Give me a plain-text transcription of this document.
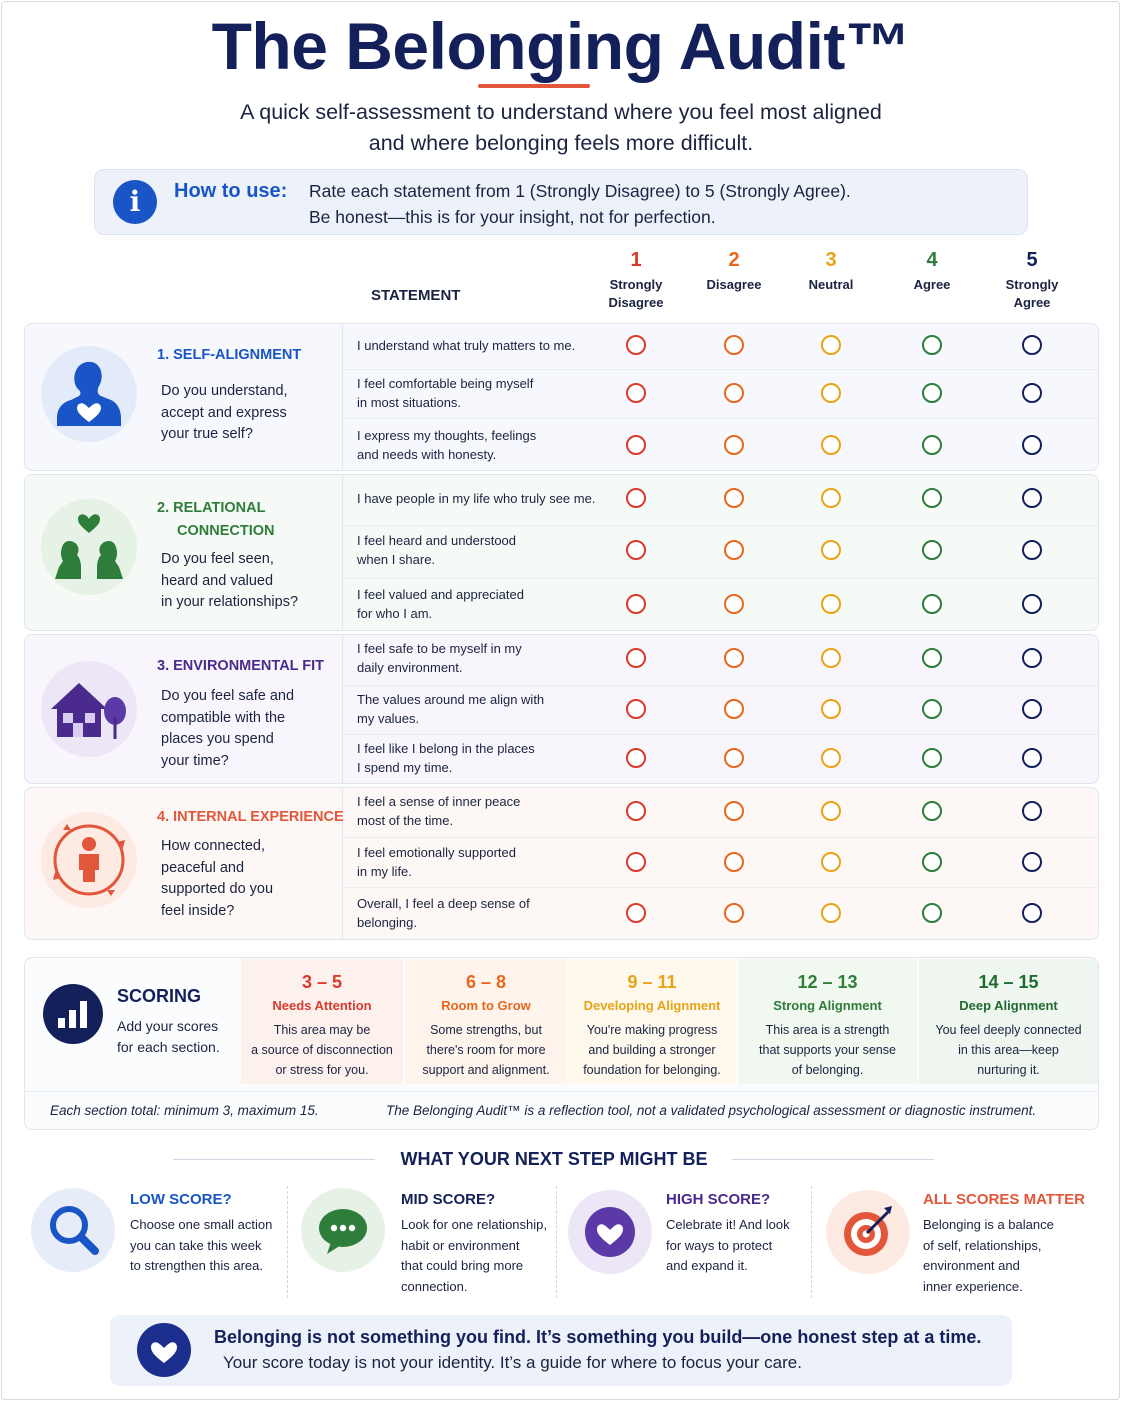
The Belonging Audit™
A quick self-assessment to understand where you feel most aligned
and where belonging feels more difficult.
i	How to use: Rate each statement from 1 (Strongly Disagree) to 5 (Strongly Agree).
Be honest—this is for your insight, not for perfection.
STATEMENT
1
Strongly
Disagree
2
Disagree
3
Neutral
4
Agree
5
Strongly
Agree
1. SELF-ALIGNMENT
Do you understand,
accept and express
your true self?
2. RELATIONAL
CONNECTION
Do you feel seen,
heard and valued
in your relationships?
3. ENVIRONMENTAL FIT
Do you feel safe and
compatible with the
places you spend
your time?
4. INTERNAL EXPERIENCE
How connected,
peaceful and
supported do you
feel inside?
I understand what truly matters to me.
I feel comfortable being myself
in most situations.
I express my thoughts, feelings
and needs with honesty.
I have people in my life who truly see me.
I feel heard and understood
when I share.
I feel valued and appreciated
for who I am.
I feel safe to be myself in my
daily environment.
The values around me align with
my values.
I feel like I belong in the places
I spend my time.
I feel a sense of inner peace
most of the time.
I feel emotionally supported
in my life.
Overall, I feel a deep sense of
belonging.
SCORING
Add your scores
for each section.
3 – 5
Needs Attention
This area may be
a source of disconnection
or stress for you.
6 – 8
Room to Grow
Some strengths, but
there's room for more
support and alignment.
9 – 11
Developing Alignment
You're making progress
and building a stronger
foundation for belonging.
12 – 13
Strong Alignment
This area is a strength
that supports your sense
of belonging.
14 – 15
Deep Alignment
You feel deeply connected
in this area—keep
nurturing it.
Each section total: minimum 3, maximum 15.	The Belonging Audit™ is a reflection tool, not a validated psychological assessment or diagnostic instrument.
WHAT YOUR NEXT STEP MIGHT BE
LOW SCORE?
Choose one small action
you can take this week
to strengthen this area.
MID SCORE?
Look for one relationship,
habit or environment
that could bring more
connection.
HIGH SCORE?
Celebrate it! And look
for ways to protect
and expand it.
ALL SCORES MATTER
Belonging is a balance
of self, relationships,
environment and
inner experience.
Belonging is not something you find. It’s something you build—one honest step at a time.
Your score today is not your identity. It’s a guide for where to focus your care.
